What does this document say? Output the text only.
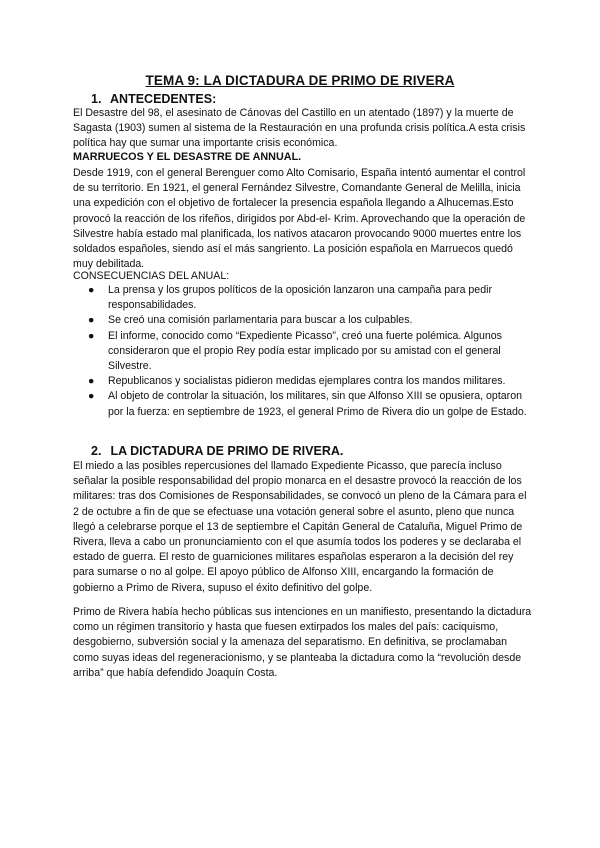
TEMA 9: LA DICTADURA DE PRIMO DE RIVERA
1. ANTECEDENTES:

El Desastre del 98, el asesinato de Cánovas del Castillo en un atentado (1897) y la muerte de Sagasta (1903) sumen al sistema de la Restauración en una profunda crisis política.A esta crisis política hay que sumar una importante crisis económica.

MARRUECOS Y EL DESASTRE DE ANNUAL.

Desde 1919, con el general Berenguer como Alto Comisario, España intentó aumentar el control de su territorio. En 1921, el general Fernández Silvestre, Comandante General de Melilla, inicia una expedición con el objetivo de fortalecer la presencia española llegando a Alhucemas.Esto provocó la reacción de los rifeños, dirigidos por Abd-el- Krim. Aprovechando que la operación de Silvestre había estado mal planificada, los nativos atacaron provocando 9000 muertes entre los soldados españoles, siendo así el más sangriento. La posición española en Marruecos quedó muy debilitada.

CONSECUENCIAS DEL ANUAL:
● La prensa y los grupos políticos de la oposición lanzaron una campaña para pedir responsabilidades.
● Se creó una comisión parlamentaria para buscar a los culpables.
● El informe, conocido como “Expediente Picasso”, creó una fuerte polémica. Algunos consideraron que el propio Rey podía estar implicado por su amistad con el general Silvestre.
● Republicanos y socialistas pidieron medidas ejemplares contra los mandos militares.
● Al objeto de controlar la situación, los militares, sin que Alfonso XIII se opusiera, optaron por la fuerza: en septiembre de 1923, el general Primo de Rivera dio un golpe de Estado.
2. LA DICTADURA DE PRIMO DE RIVERA.

El miedo a las posibles repercusiones del llamado Expediente Picasso, que parecía incluso señalar la posible responsabilidad del propio monarca en el desastre provocó la reacción de los militares: tras dos Comisiones de Responsabilidades, se convocó un pleno de la Cámara para el 2 de octubre a fin de que se efectuase una votación general sobre el asunto, pleno que nunca llegó a celebrarse porque el 13 de septiembre el Capitán General de Cataluña, Miguel Primo de Rivera, lleva a cabo un pronunciamiento con el que asumía todos los poderes y se declaraba el estado de guerra. El resto de guarniciones militares españolas esperaron a la decisión del rey para sumarse o no al golpe. El apoyo público de Alfonso XIII, encargando la formación de gobierno a Primo de Rivera, supuso el éxito definitivo del golpe.

Primo de Rivera había hecho públicas sus intenciones en un manifiesto, presentando la dictadura como un régimen transitorio y hasta que fuesen extirpados los males del país: caciquismo, desgobierno, subversión social y la amenaza del separatismo. En definitiva, se proclamaban como suyas ideas del regeneracionismo, y se planteaba la dictadura como la “revolución desde arriba” que había defendido Joaquín Costa.
